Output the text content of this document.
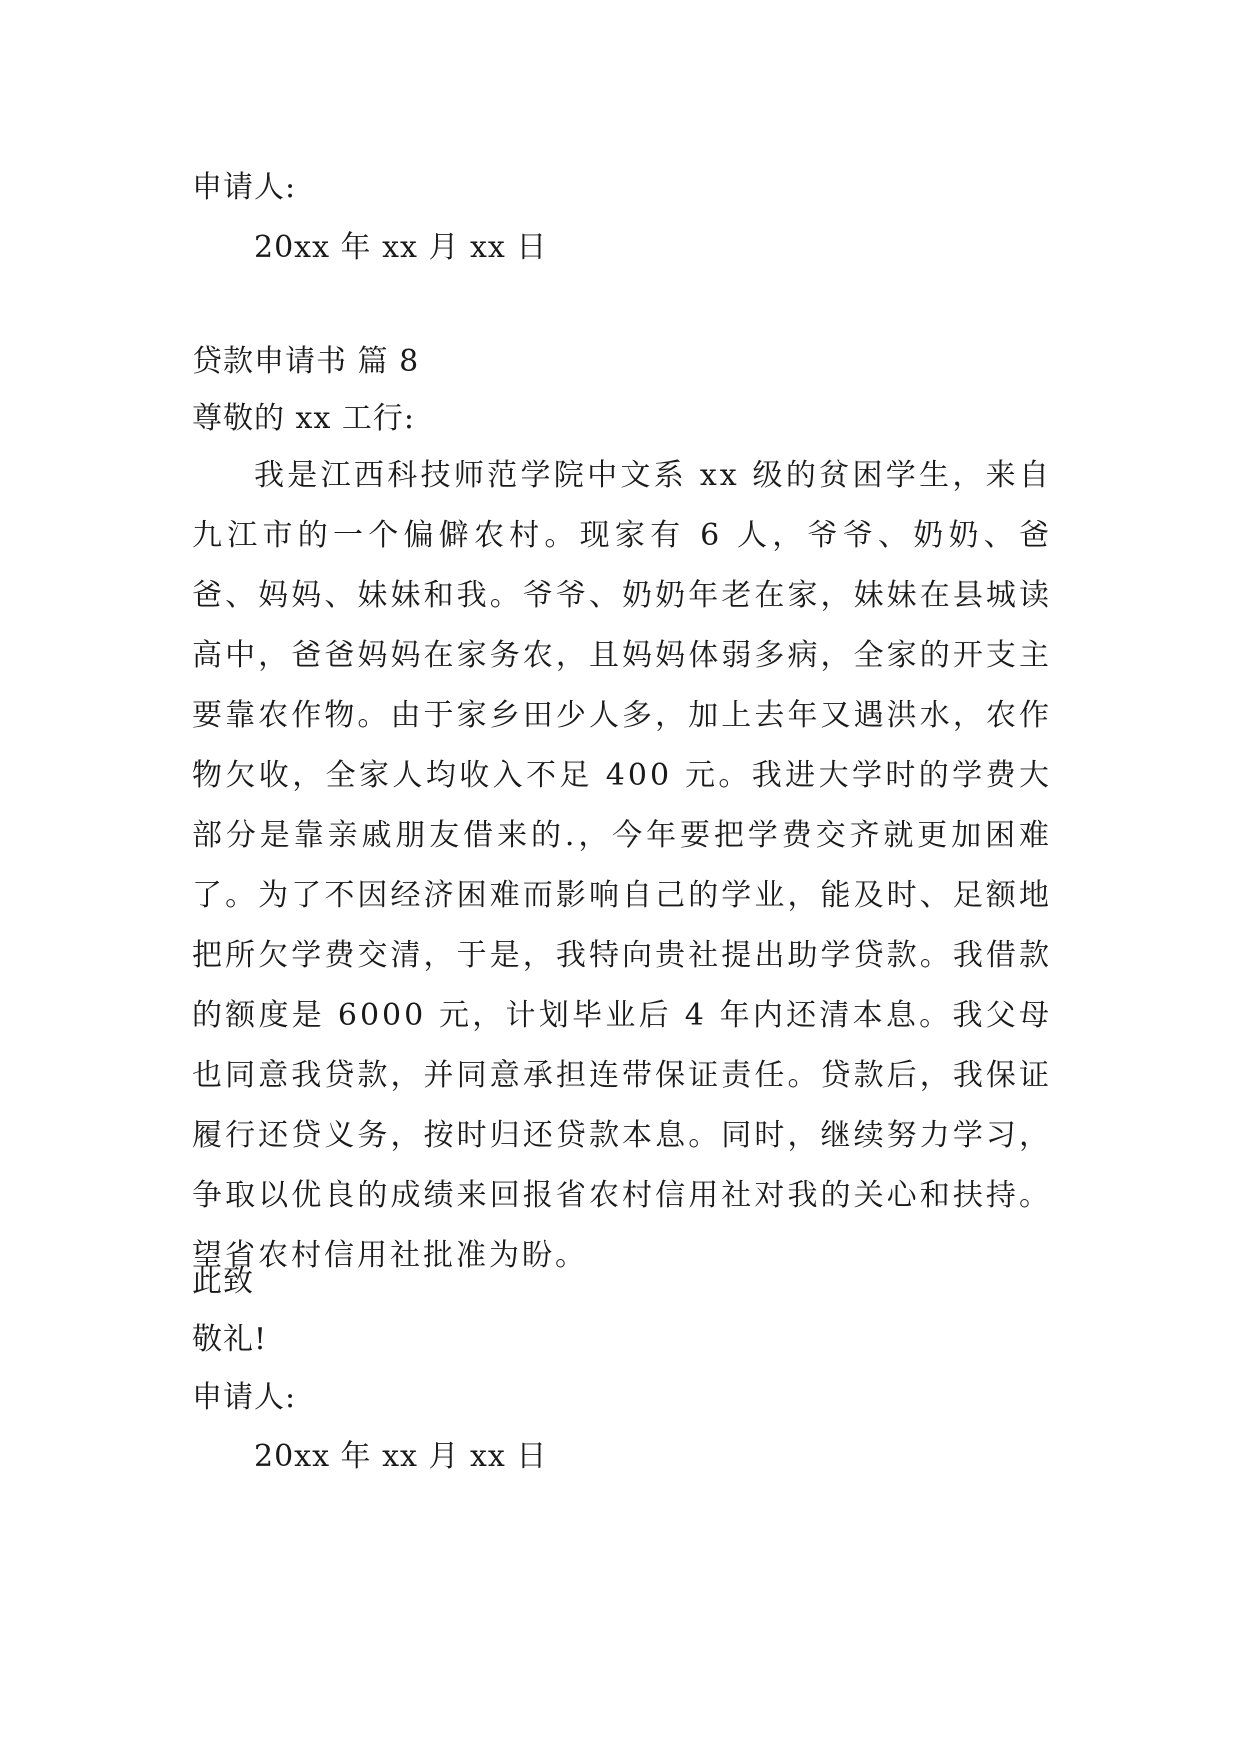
申请人:
20xx 年 xx 月 xx 日
贷款申请书 篇 8
尊敬的 xx 工行:
我是江西科技师范学院中文系 xx 级的贫困学生，来自九江市的一个偏僻农村。现家有 6 人，爷爷、奶奶、爸爸、妈妈、妹妹和我。爷爷、奶奶年老在家，妹妹在县城读高中，爸爸妈妈在家务农，且妈妈体弱多病，全家的开支主要靠农作物。由于家乡田少人多，加上去年又遇洪水，农作物欠收，全家人均收入不足 400 元。我进大学时的学费大部分是靠亲戚朋友借来的.，今年要把学费交齐就更加困难了。为了不因经济困难而影响自己的学业，能及时、足额地把所欠学费交清，于是，我特向贵社提出助学贷款。我借款的额度是 6000 元，计划毕业后 4 年内还清本息。我父母也同意我贷款，并同意承担连带保证责任。贷款后，我保证履行还贷义务，按时归还贷款本息。同时，继续努力学习，争取以优良的成绩来回报省农村信用社对我的关心和扶持。望省农村信用社批准为盼。
此致
敬礼!
申请人:
20xx 年 xx 月 xx 日
